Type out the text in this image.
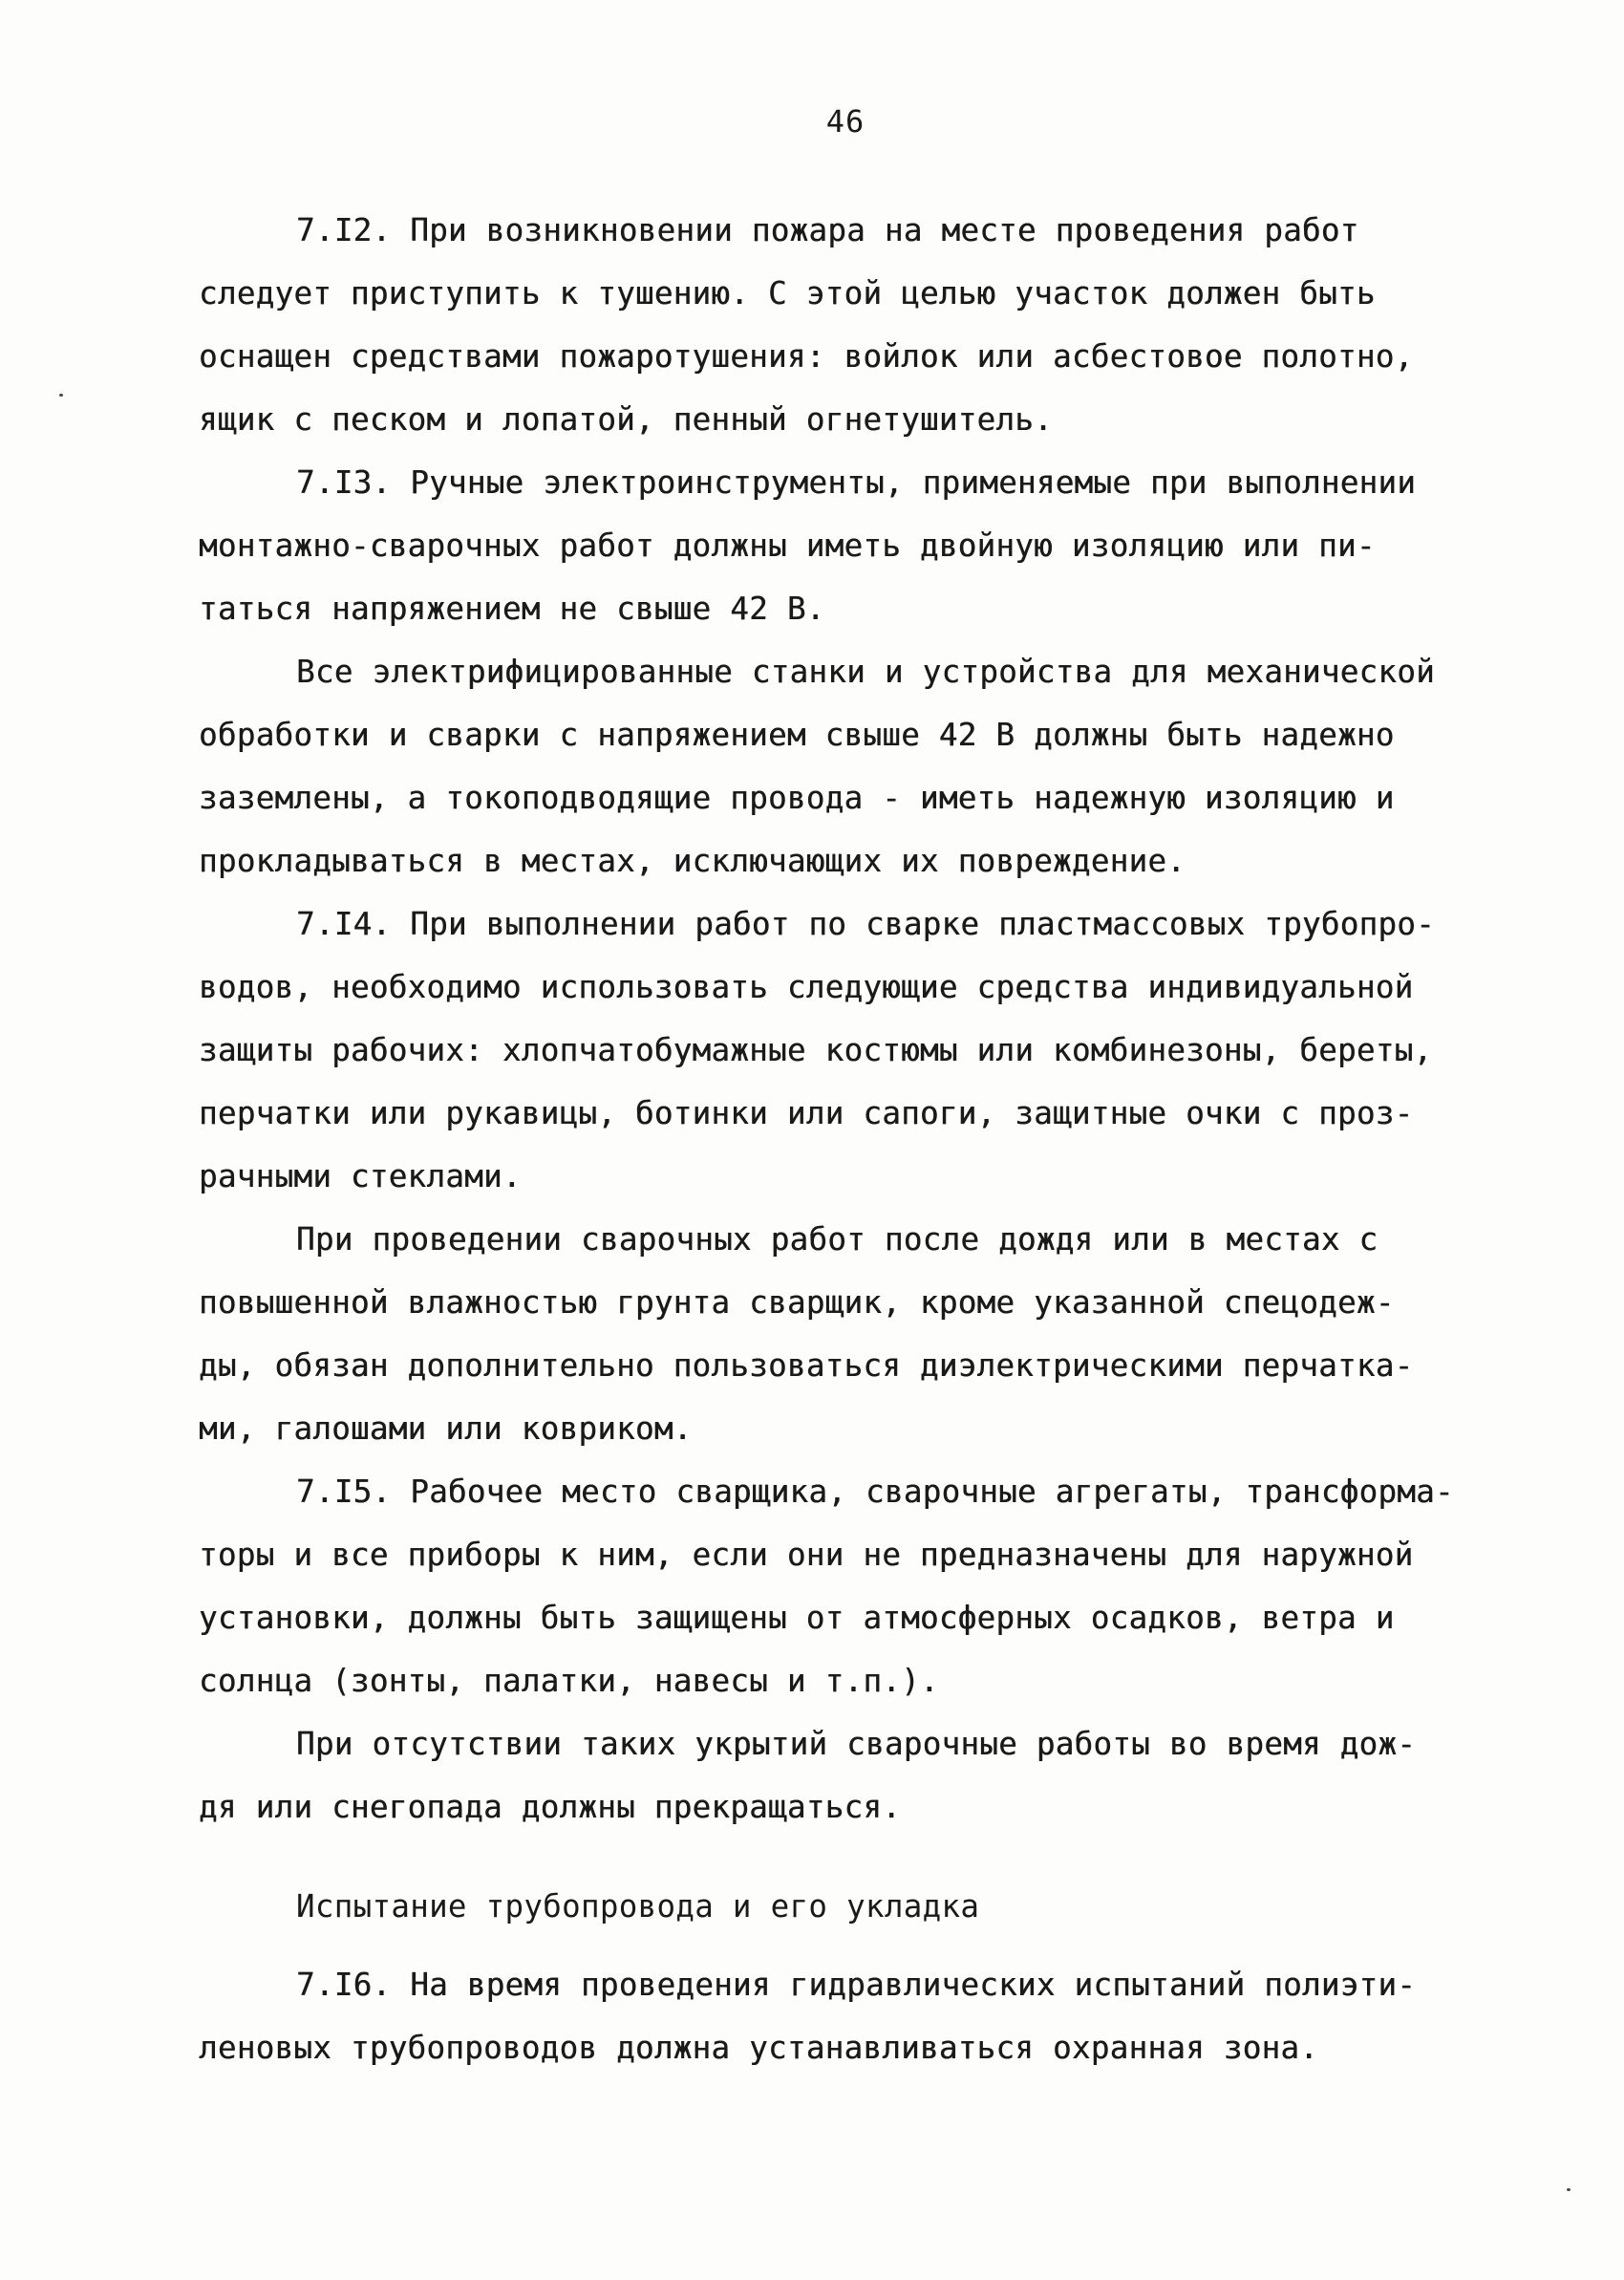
46
7.I2. При возникновении пожара на месте проведения работ
следует приступить к тушению. С этой целью участок должен быть
оснащен средствами пожаротушения: войлок или асбестовое полотно,
ящик с песком и лопатой, пенный огнетушитель.
7.I3. Ручные электроинструменты, применяемые при выполнении
монтажно-сварочных работ должны иметь двойную изоляцию или пи-
таться напряжением не свыше 42 В.
Все электрифицированные станки и устройства для механической
обработки и сварки с напряжением свыше 42 В должны быть надежно
заземлены, а токоподводящие провода - иметь надежную изоляцию и
прокладываться в местах, исключающих их повреждение.
7.I4. При выполнении работ по сварке пластмассовых трубопро-
водов, необходимо использовать следующие средства индивидуальной
защиты рабочих: хлопчатобумажные костюмы или комбинезоны, береты,
перчатки или рукавицы, ботинки или сапоги, защитные очки с проз-
рачными стеклами.
При проведении сварочных работ после дождя или в местах с
повышенной влажностью грунта сварщик, кроме указанной спецодеж-
ды, обязан дополнительно пользоваться диэлектрическими перчатка-
ми, галошами или ковриком.
7.I5. Рабочее место сварщика, сварочные агрегаты, трансформа-
торы и все приборы к ним, если они не предназначены для наружной
установки, должны быть защищены от атмосферных осадков, ветра и
солнца (зонты, палатки, навесы и т.п.).
При отсутствии таких укрытий сварочные работы во время дож-
дя или снегопада должны прекращаться.
Испытание трубопровода и его укладка
7.I6. На время проведения гидравлических испытаний полиэти-
леновых трубопроводов должна устанавливаться охранная зона.
